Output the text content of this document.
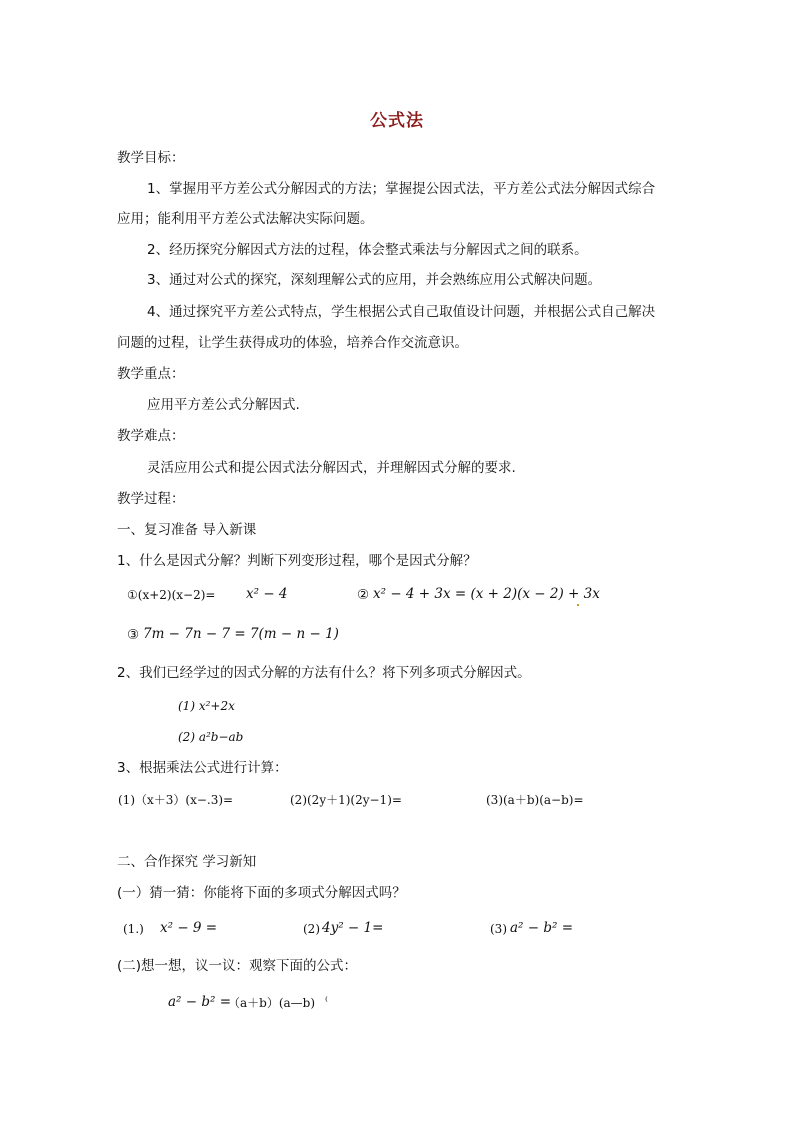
公式法
教学目标：
1、掌握用平方差公式分解因式的方法；掌握提公因式法，平方差公式法分解因式综合
应用；能利用平方差公式法解决实际问题。
2、经历探究分解因式方法的过程，体会整式乘法与分解因式之间的联系。
3、通过对公式的探究，深刻理解公式的应用，并会熟练应用公式解决问题。
4、通过探究平方差公式特点，学生根据公式自己取值设计问题，并根据公式自己解决
问题的过程，让学生获得成功的体验，培养合作交流意识。
教学重点：
应用平方差公式分解因式.
教学难点：
灵活应用公式和提公因式法分解因式，并理解因式分解的要求.
教学过程：
一、复习准备 导入新课
1、什么是因式分解？判断下列变形过程，哪个是因式分解？
①(x+2)(x−2)= x² − 4	② x² − 4 + 3x = (x + 2)(x − 2) + 3x
③ 7m − 7n − 7 = 7(m − n − 1)
2、我们已经学过的因式分解的方法有什么？将下列多项式分解因式。
(1) x²+2x
(2) a²b−ab
3、根据乘法公式进行计算：
(1)（x＋3）(x−.3)=	(2)(2y＋1)(2y−1)=	(3)(a＋b)(a−b)=
二、合作探究 学习新知
(一）猜一猜：你能将下面的多项式分解因式吗？
(1.) x² − 9 =	(2) 4y² − 1=	(3) a² − b² =
(二)想一想，议一议：观察下面的公式：
a² − b² =
（a＋b）(a—b) ⁽
